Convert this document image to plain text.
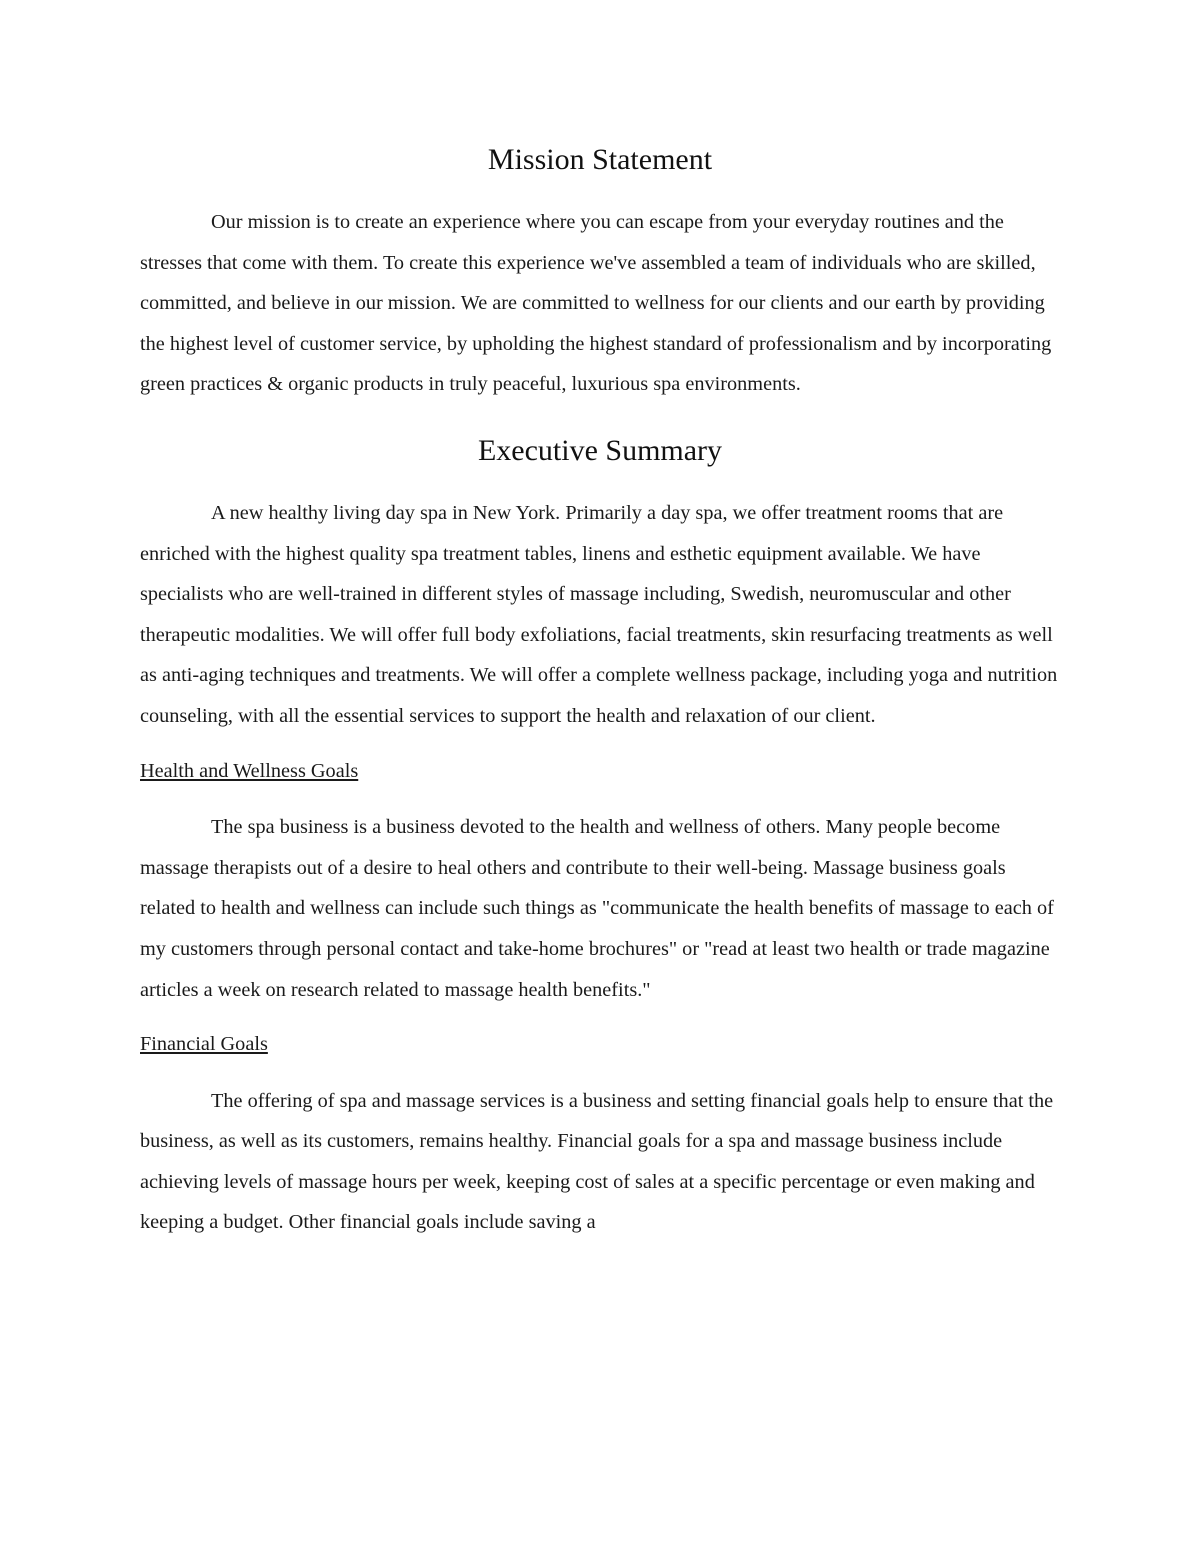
Mission Statement

Our mission is to create an experience where you can escape from your everyday routines and the stresses that come with them. To create this experience we've assembled a team of individuals who are skilled, committed, and believe in our mission. We are committed to wellness for our clients and our earth by providing the highest level of customer service, by upholding the highest standard of professionalism and by incorporating green practices & organic products in truly peaceful, luxurious spa environments.

Executive Summary

A new healthy living day spa in New York. Primarily a day spa, we offer treatment rooms that are enriched with the highest quality spa treatment tables, linens and esthetic equipment available. We have specialists who are well-trained in different styles of massage including, Swedish, neuromuscular and other therapeutic modalities. We will offer full body exfoliations, facial treatments, skin resurfacing treatments as well as anti-aging techniques and treatments. We will offer a complete wellness package, including yoga and nutrition counseling, with all the essential services to support the health and relaxation of our client.

Health and Wellness Goals

The spa business is a business devoted to the health and wellness of others. Many people become massage therapists out of a desire to heal others and contribute to their well-being. Massage business goals related to health and wellness can include such things as "communicate the health benefits of massage to each of my customers through personal contact and take-home brochures" or "read at least two health or trade magazine articles a week on research related to massage health benefits."

Financial Goals

The offering of spa and massage services is a business and setting financial goals help to ensure that the business, as well as its customers, remains healthy. Financial goals for a spa and massage business include achieving levels of massage hours per week, keeping cost of sales at a specific percentage or even making and keeping a budget. Other financial goals include saving a
